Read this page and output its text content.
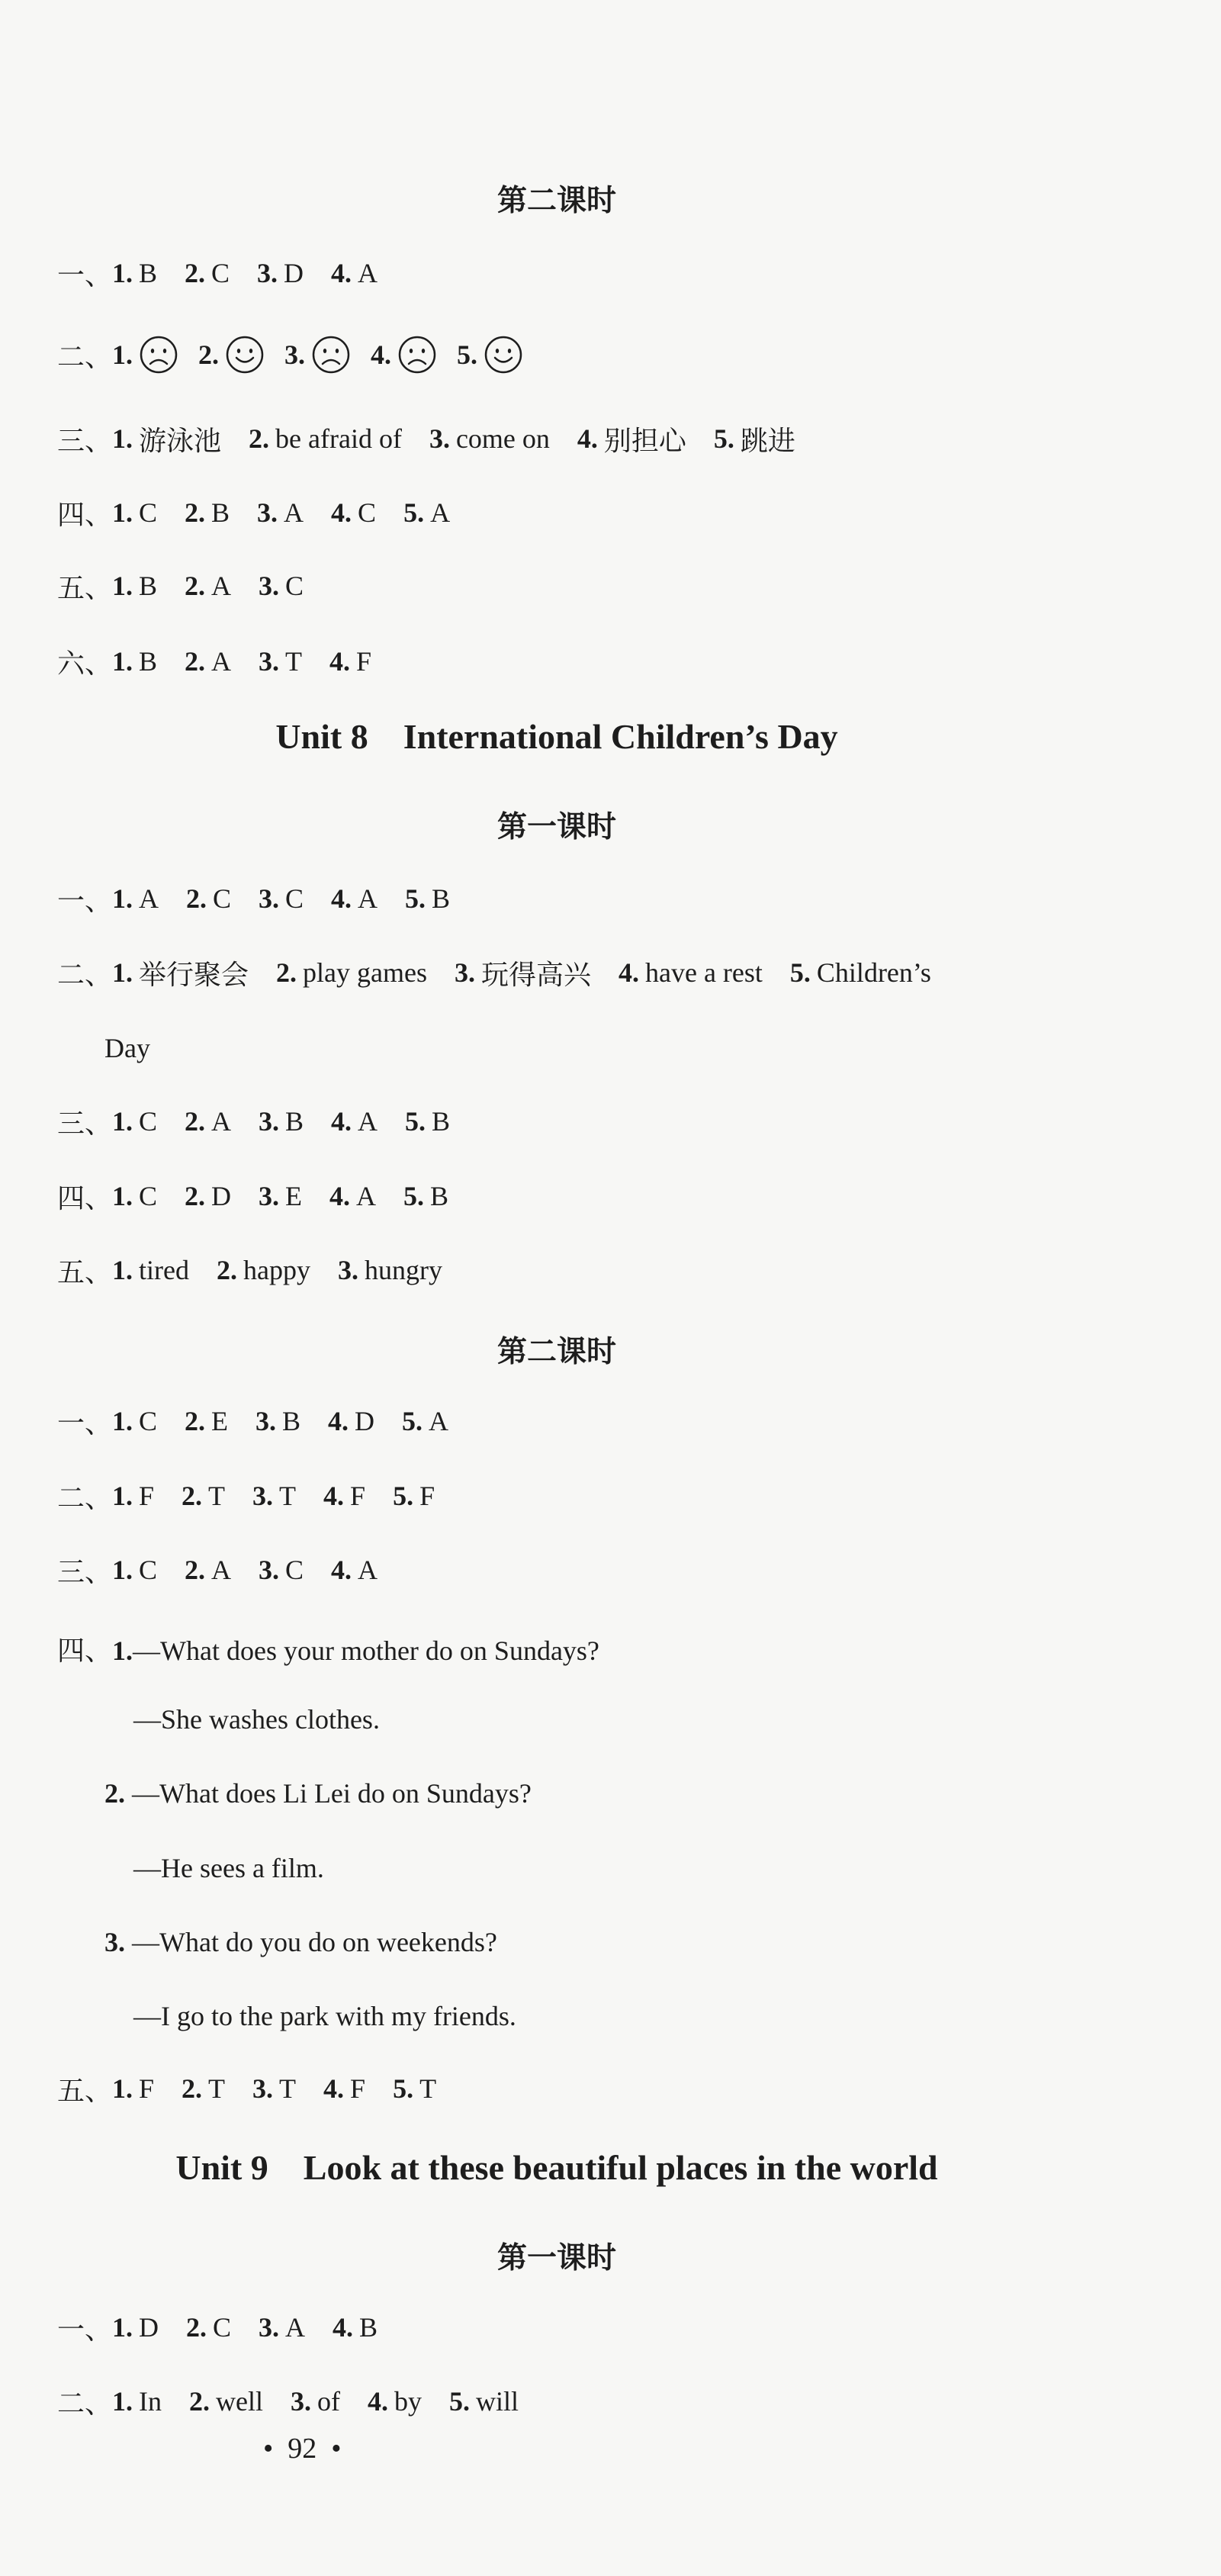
第二课时
一、 1. B 2. C 3. D 4. A
二、 1. 2. 3. 4. 5.
三、 1. 游泳池 2. be afraid of 3. come on 4. 别担心 5. 跳进
四、 1. C 2. B 3. A 4. C 5. A
五、 1. B 2. A 3. C
六、 1. B 2. A 3. T 4. F
Unit 8    International Children’s Day
第一课时
一、 1. A 2. C 3. C 4. A 5. B
二、 1. 举行聚会 2. play games 3. 玩得高兴 4. have a rest 5. Children’s
Day
三、 1. C 2. A 3. B 4. A 5. B
四、 1. C 2. D 3. E 4. A 5. B
五、 1. tired 2. happy 3. hungry
第二课时
一、 1. C 2. E 3. B 4. D 5. A
二、 1. F 2. T 3. T 4. F 5. F
三、 1. C 2. A 3. C 4. A
四、1.—What does your mother do on Sundays?
—She washes clothes.
2. —What does Li Lei do on Sundays?
—He sees a film.
3. —What do you do on weekends?
—I go to the park with my friends.
五、 1. F 2. T 3. T 4. F 5. T
Unit 9    Look at these beautiful places in the world
第一课时
一、 1. D 2. C 3. A 4. B
二、 1. In 2. well 3. of 4. by 5. will
•  92  •
